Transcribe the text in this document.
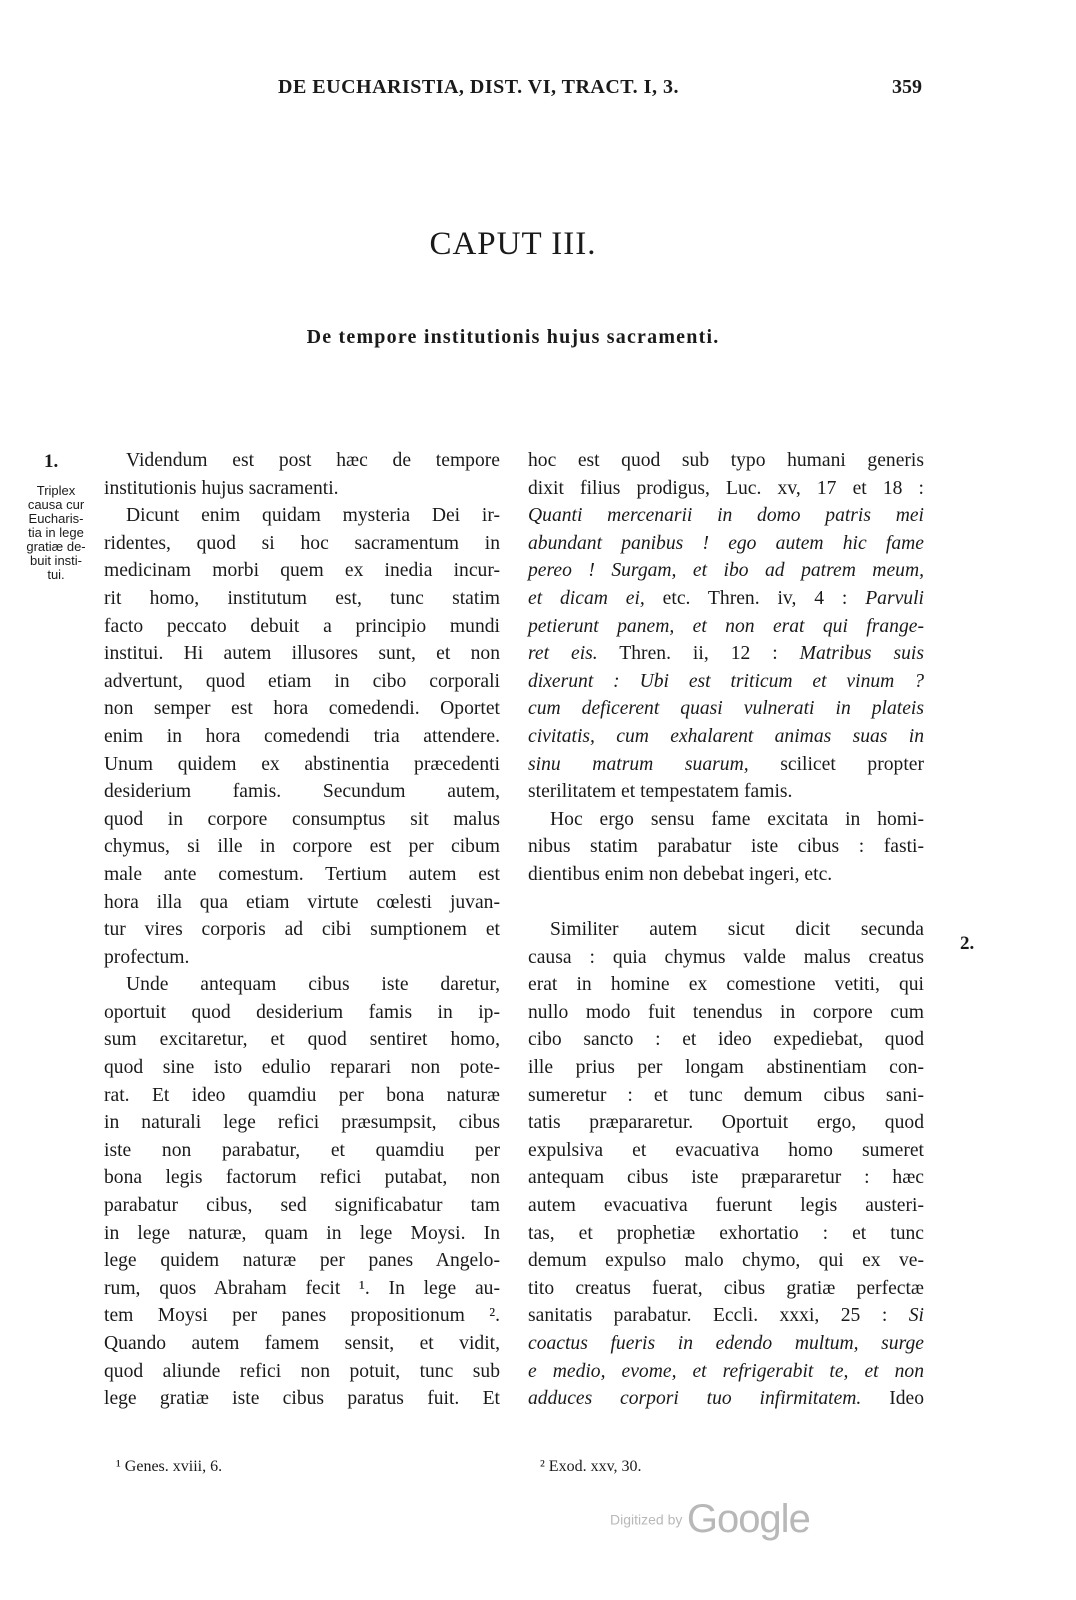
DE EUCHARISTIA, DIST. VI, TRACT. I, 3.	359
CAPUT III.
De tempore institutionis hujus sacramenti.
1.
2.
Triplex
causa cur
Eucharis-
tia in lege
gratiæ de-
buit insti-
tui.
Videndum est post hæc de tempore
institutionis hujus sacramenti.
Dicunt enim quidam mysteria Dei ir-
ridentes, quod si hoc sacramentum in
medicinam morbi quem ex inedia incur-
rit homo, institutum est, tunc statim
facto peccato debuit a principio mundi
institui. Hi autem illusores sunt, et non
advertunt, quod etiam in cibo corporali
non semper est hora comedendi. Oportet
enim in hora comedendi tria attendere.
Unum quidem ex abstinentia præcedenti
desiderium famis. Secundum autem,
quod in corpore consumptus sit malus
chymus, si ille in corpore est per cibum
male ante comestum. Tertium autem est
hora illa qua etiam virtute cœlesti juvan-
tur vires corporis ad cibi sumptionem et
profectum.
Unde antequam cibus iste daretur,
oportuit quod desiderium famis in ip-
sum excitaretur, et quod sentiret homo,
quod sine isto edulio reparari non pote-
rat. Et ideo quamdiu per bona naturæ
in naturali lege refici præsumpsit, cibus
iste non parabatur, et quamdiu per
bona legis factorum refici putabat, non
parabatur cibus, sed significabatur tam
in lege naturæ, quam in lege Moysi. In
lege quidem naturæ per panes Angelo-
rum, quos Abraham fecit ¹. In lege au-
tem Moysi per panes propositionum ².
Quando autem famem sensit, et vidit,
quod aliunde refici non potuit, tunc sub
lege gratiæ iste cibus paratus fuit. Et
hoc est quod sub typo humani generis
dixit filius prodigus, Luc. xv, 17 et 18 :
Quanti mercenarii in domo patris mei
abundant panibus ! ego autem hic fame
pereo ! Surgam, et ibo ad patrem meum,
et dicam ei, etc. Thren. iv, 4 : Parvuli
petierunt panem, et non erat qui frange-
ret eis. Thren. ii, 12 : Matribus suis
dixerunt : Ubi est triticum et vinum ?
cum deficerent quasi vulnerati in plateis
civitatis, cum exhalarent animas suas in
sinu matrum suarum, scilicet propter
sterilitatem et tempestatem famis.
Hoc ergo sensu fame excitata in homi-
nibus statim parabatur iste cibus : fasti-
dientibus enim non debebat ingeri, etc.
Similiter autem sicut dicit secunda
causa : quia chymus valde malus creatus
erat in homine ex comestione vetiti, qui
nullo modo fuit tenendus in corpore cum
cibo sancto : et ideo expediebat, quod
ille prius per longam abstinentiam con-
sumeretur : et tunc demum cibus sani-
tatis præpararetur. Oportuit ergo, quod
expulsiva et evacuativa homo sumeret
antequam cibus iste præpararetur : hæc
autem evacuativa fuerunt legis austeri-
tas, et prophetiæ exhortatio : et tunc
demum expulso malo chymo, qui ex ve-
tito creatus fuerat, cibus gratiæ perfectæ
sanitatis parabatur. Eccli. xxxi, 25 : Si
coactus fueris in edendo multum, surge
e medio, evome, et refrigerabit te, et non
adduces corpori tuo infirmitatem. Ideo
¹ Genes. xviii, 6.	² Exod. xxv, 30.
Digitized by Google
